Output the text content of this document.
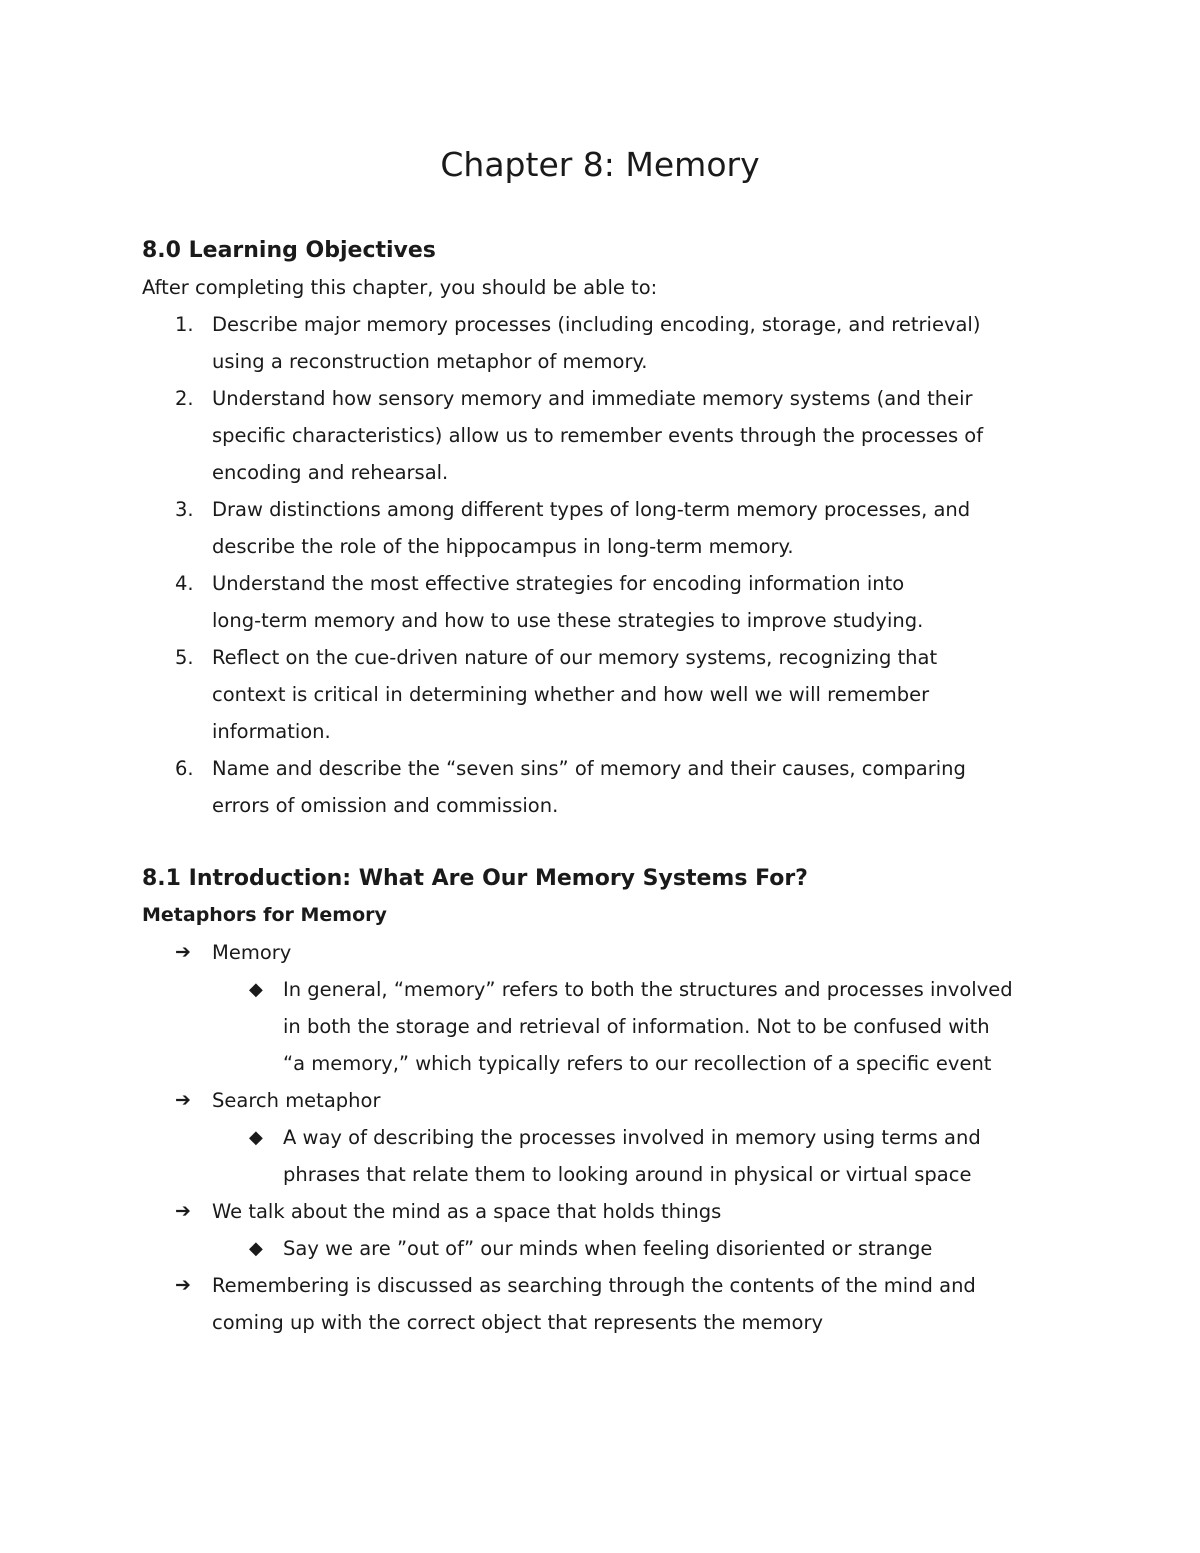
Chapter 8: Memory
8.0 Learning Objectives

After completing this chapter, you should be able to:

1. Describe major memory processes (including encoding, storage, and retrieval)
using a reconstruction metaphor of memory.
2. Understand how sensory memory and immediate memory systems (and their
specific characteristics) allow us to remember events through the processes of
encoding and rehearsal.
3. Draw distinctions among different types of long-term memory processes, and
describe the role of the hippocampus in long-term memory.
4. Understand the most effective strategies for encoding information into
long-term memory and how to use these strategies to improve studying.
5. Reflect on the cue-driven nature of our memory systems, recognizing that
context is critical in determining whether and how well we will remember
information.
6. Name and describe the “seven sins” of memory and their causes, comparing
errors of omission and commission.
8.1 Introduction: What Are Our Memory Systems For?
Metaphors for Memory
➔ Memory
◆ In general, “memory” refers to both the structures and processes involved
in both the storage and retrieval of information. Not to be confused with
“a memory,” which typically refers to our recollection of a specific event
➔ Search metaphor
◆ A way of describing the processes involved in memory using terms and
phrases that relate them to looking around in physical or virtual space
➔ We talk about the mind as a space that holds things
◆ Say we are ”out of” our minds when feeling disoriented or strange
➔ Remembering is discussed as searching through the contents of the mind and
coming up with the correct object that represents the memory
